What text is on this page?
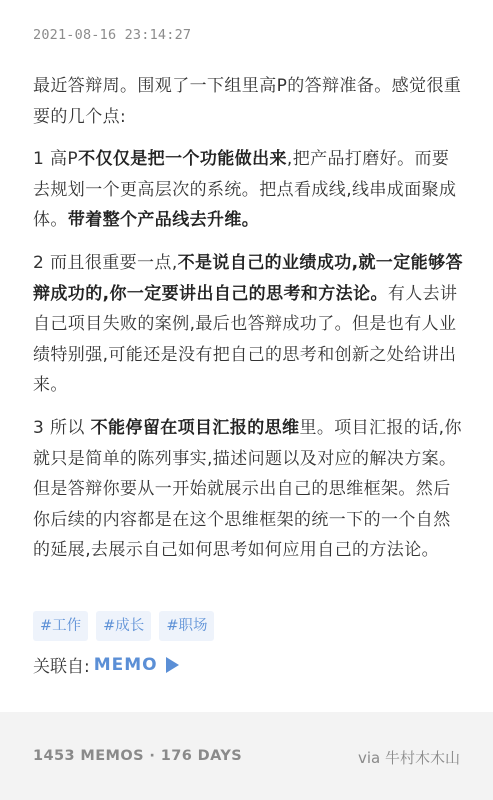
2021-08-16 23:14:27

最近答辩周。围观了一下组里高P的答辩准备。感觉很重要的几个点:

1 高P不仅仅是把一个功能做出来,把产品打磨好。而要去规划一个更高层次的系统。把点看成线,线串成面聚成体。带着整个产品线去升维。

2 而且很重要一点,不是说自己的业绩成功,就一定能够答辩成功的,你一定要讲出自己的思考和方法论。有人去讲自己项目失败的案例,最后也答辩成功了。但是也有人业绩特别强,可能还是没有把自己的思考和创新之处给讲出来。

3 所以 不能停留在项目汇报的思维里。项目汇报的话,你就只是简单的陈列事实,描述问题以及对应的解决方案。但是答辩你要从一开始就展示出自己的思维框架。然后你后续的内容都是在这个思维框架的统一下的一个自然的延展,去展示自己如何思考如何应用自己的方法论。

#工作	#成长	#职场
关联自: MEMO
1453 MEMOS · 176 DAYS	via 牛村木木山
